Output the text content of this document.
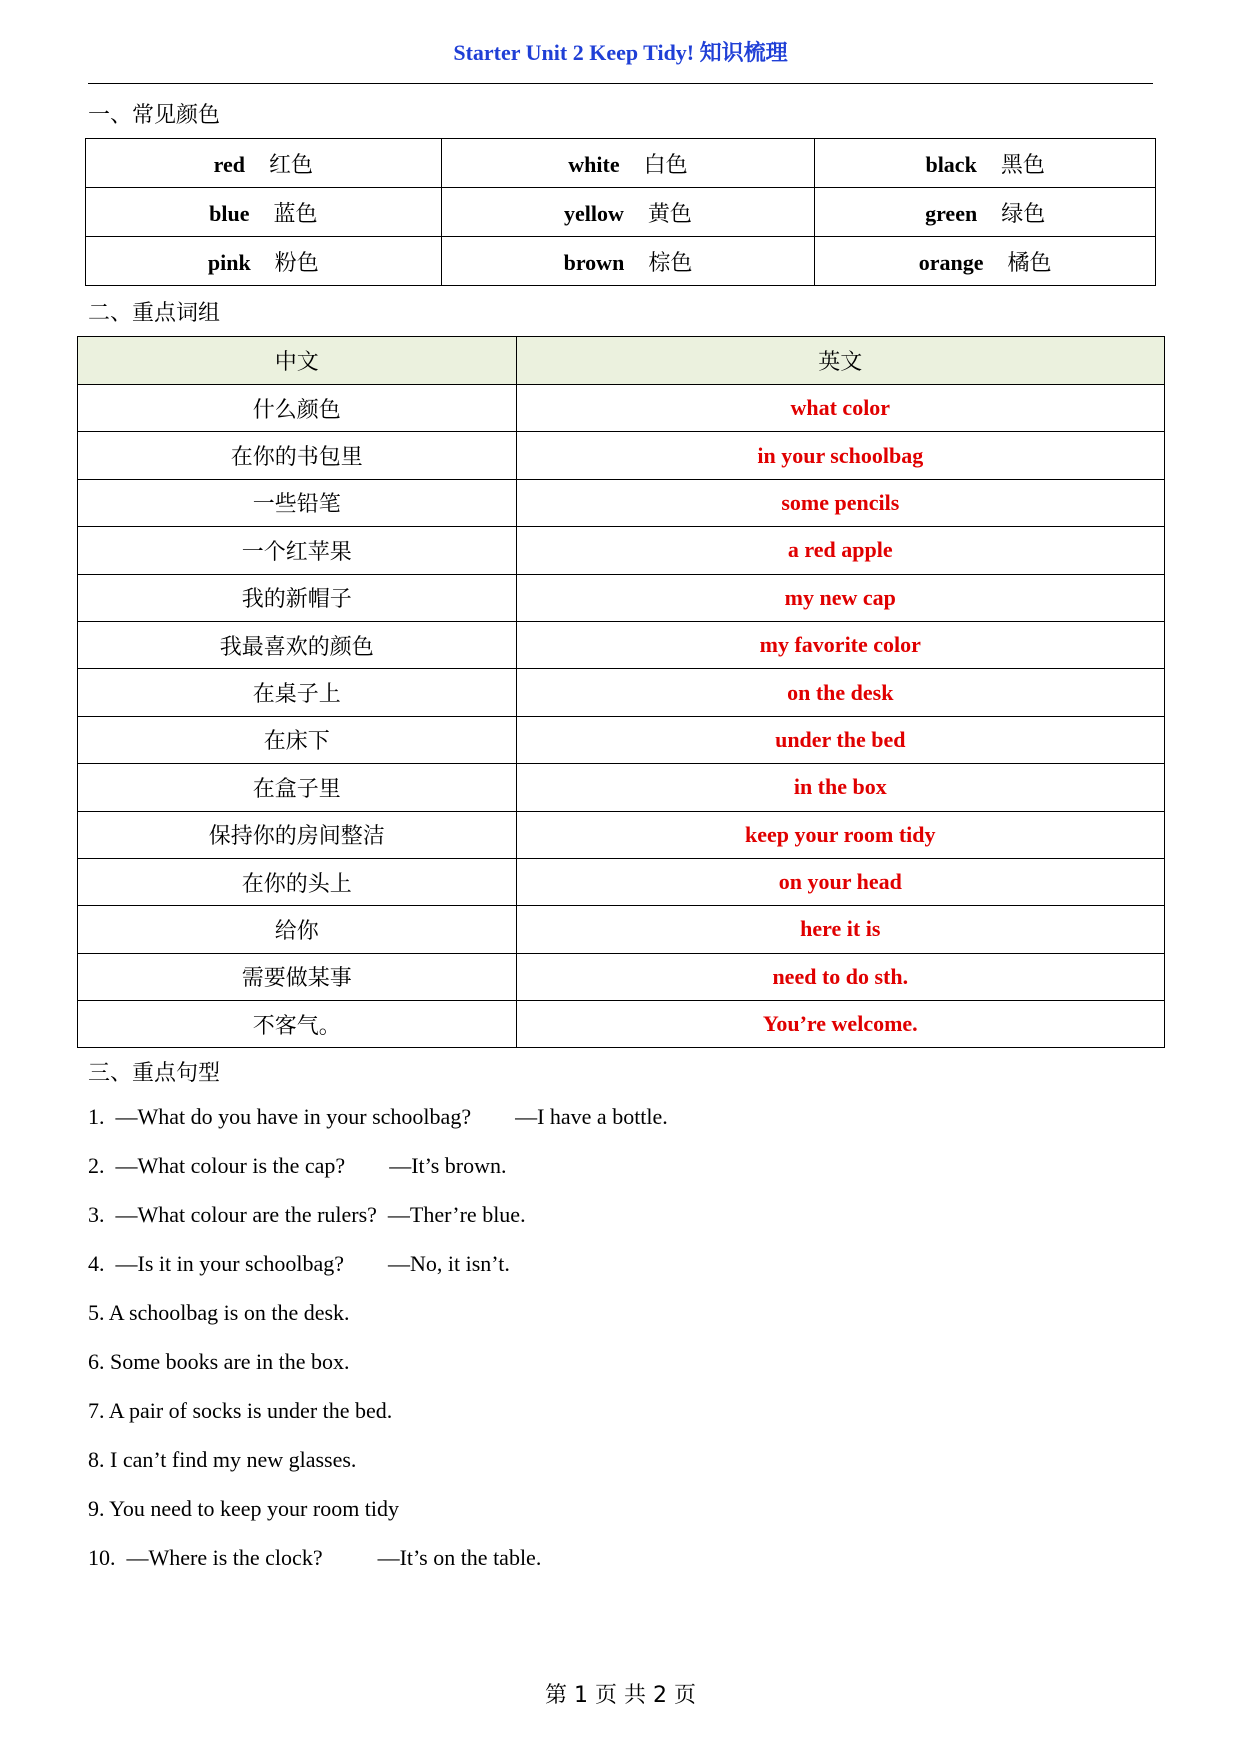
Starter Unit 2 Keep Tidy! 知识梳理
一、常见颜色
red 红色	white 白色	black 黑色
blue 蓝色	yellow 黄色	green 绿色
pink 粉色	brown 棕色	orange 橘色
二、重点词组
中文	英文
什么颜色	what color
在你的书包里	in your schoolbag
一些铅笔	some pencils
一个红苹果	a red apple
我的新帽子	my new cap
我最喜欢的颜色	my favorite color
在桌子上	on the desk
在床下	under the bed
在盒子里	in the box
保持你的房间整洁	keep your room tidy
在你的头上	on your head
给你	here it is
需要做某事	need to do sth.
不客气。	You’re welcome.
三、重点句型
1.  —What do you have in your schoolbag?        —I have a bottle.
2.  —What colour is the cap?        —It’s brown.
3.  —What colour are the rulers?  —Ther’re blue.
4.  —Is it in your schoolbag?        —No, it isn’t.
5. A schoolbag is on the desk.
6. Some books are in the box.
7. A pair of socks is under the bed.
8. I can’t find my new glasses.
9. You need to keep your room tidy
10.  —Where is the clock?          —It’s on the table.
第 1 页 共 2 页
